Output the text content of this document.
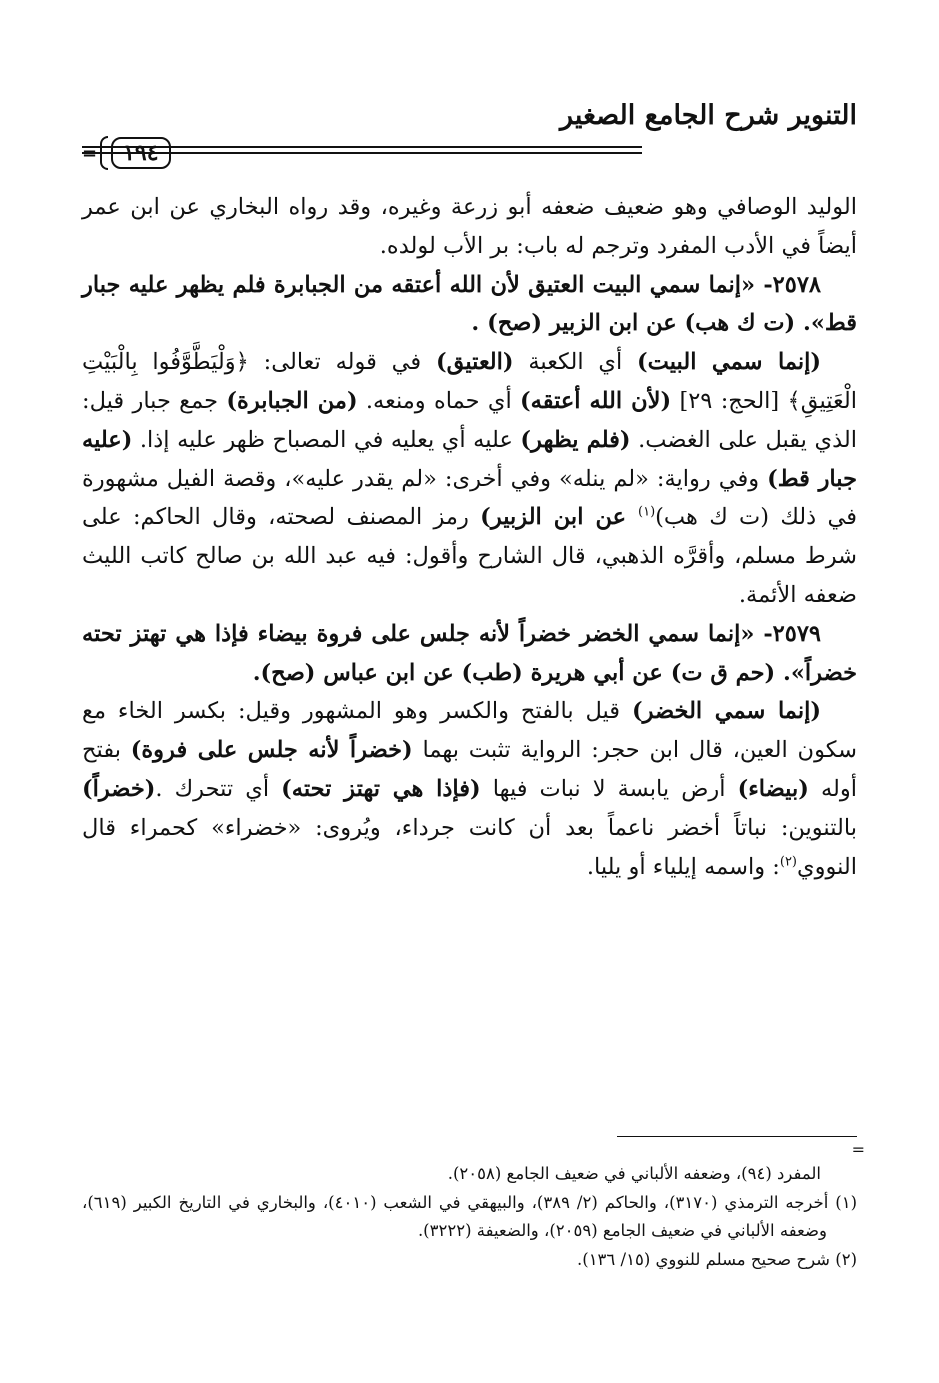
التنوير شرح الجامع الصغير
=	١٩٤

الوليد الوصافي وهو ضعيف ضعفه أبو زرعة وغيره، وقد رواه البخاري عن ابن عمر أيضاً في الأدب المفرد وترجم له باب: بر الأب لولده.

٢٥٧٨- «إنما سمي البيت العتيق لأن الله أعتقه من الجبابرة فلم يظهر عليه جبار قط». (ت ك هب) عن ابن الزبير (صح) .

(إنما سمي البيت) أي الكعبة (العتيق) في قوله تعالى: ﴿وَلْيَطَّوَّفُوا بِالْبَيْتِ الْعَتِيقِ﴾ [الحج: ٢٩] (لأن الله أعتقه) أي حماه ومنعه. (من الجبابرة) جمع جبار قيل: الذي يقبل على الغضب. (فلم يظهر) عليه أي يعليه في المصباح ظهر عليه إذا. (عليه جبار قط) وفي رواية: «لم ينله» وفي أخرى: «لم يقدر عليه»، وقصة الفيل مشهورة في ذلك (ت ك هب)$^{(١)}$ عن ابن الزبير) رمز المصنف لصحته، وقال الحاكم: على شرط مسلم، وأقرَّه الذهبي، قال الشارح وأقول: فيه عبد الله بن صالح كاتب الليث ضعفه الأئمة.

٢٥٧٩- «إنما سمي الخضر خضراً لأنه جلس على فروة بيضاء فإذا هي تهتز تحته خضراً». (حم ق ت) عن أبي هريرة (طب) عن ابن عباس (صح).

(إنما سمي الخضر) قيل بالفتح والكسر وهو المشهور وقيل: بكسر الخاء مع سكون العين، قال ابن حجر: الرواية تثبت بهما (خضراً لأنه جلس على فروة) بفتح أوله (بيضاء) أرض يابسة لا نبات فيها (فإذا هي تهتز تحته) أي تتحرك .(خضراً) بالتنوين: نباتاً أخضر ناعماً بعد أن كانت جرداء، ويُروى: «خضراء» كحمراء قال النووي$^{(٢)}$: واسمه إيلياء أو يليا.

=

المفرد (٩٤)، وضعفه الألباني في ضعيف الجامع (٢٠٥٨).

(١) أخرجه الترمذي (٣١٧٠)، والحاكم (٢/ ٣٨٩)، والبيهقي في الشعب (٤٠١٠)، والبخاري في التاريخ الكبير (٦١٩)، وضعفه الألباني في ضعيف الجامع (٢٠٥٩)، والضعيفة (٣٢٢٢).

(٢) شرح صحيح مسلم للنووي (١٥/ ١٣٦).
